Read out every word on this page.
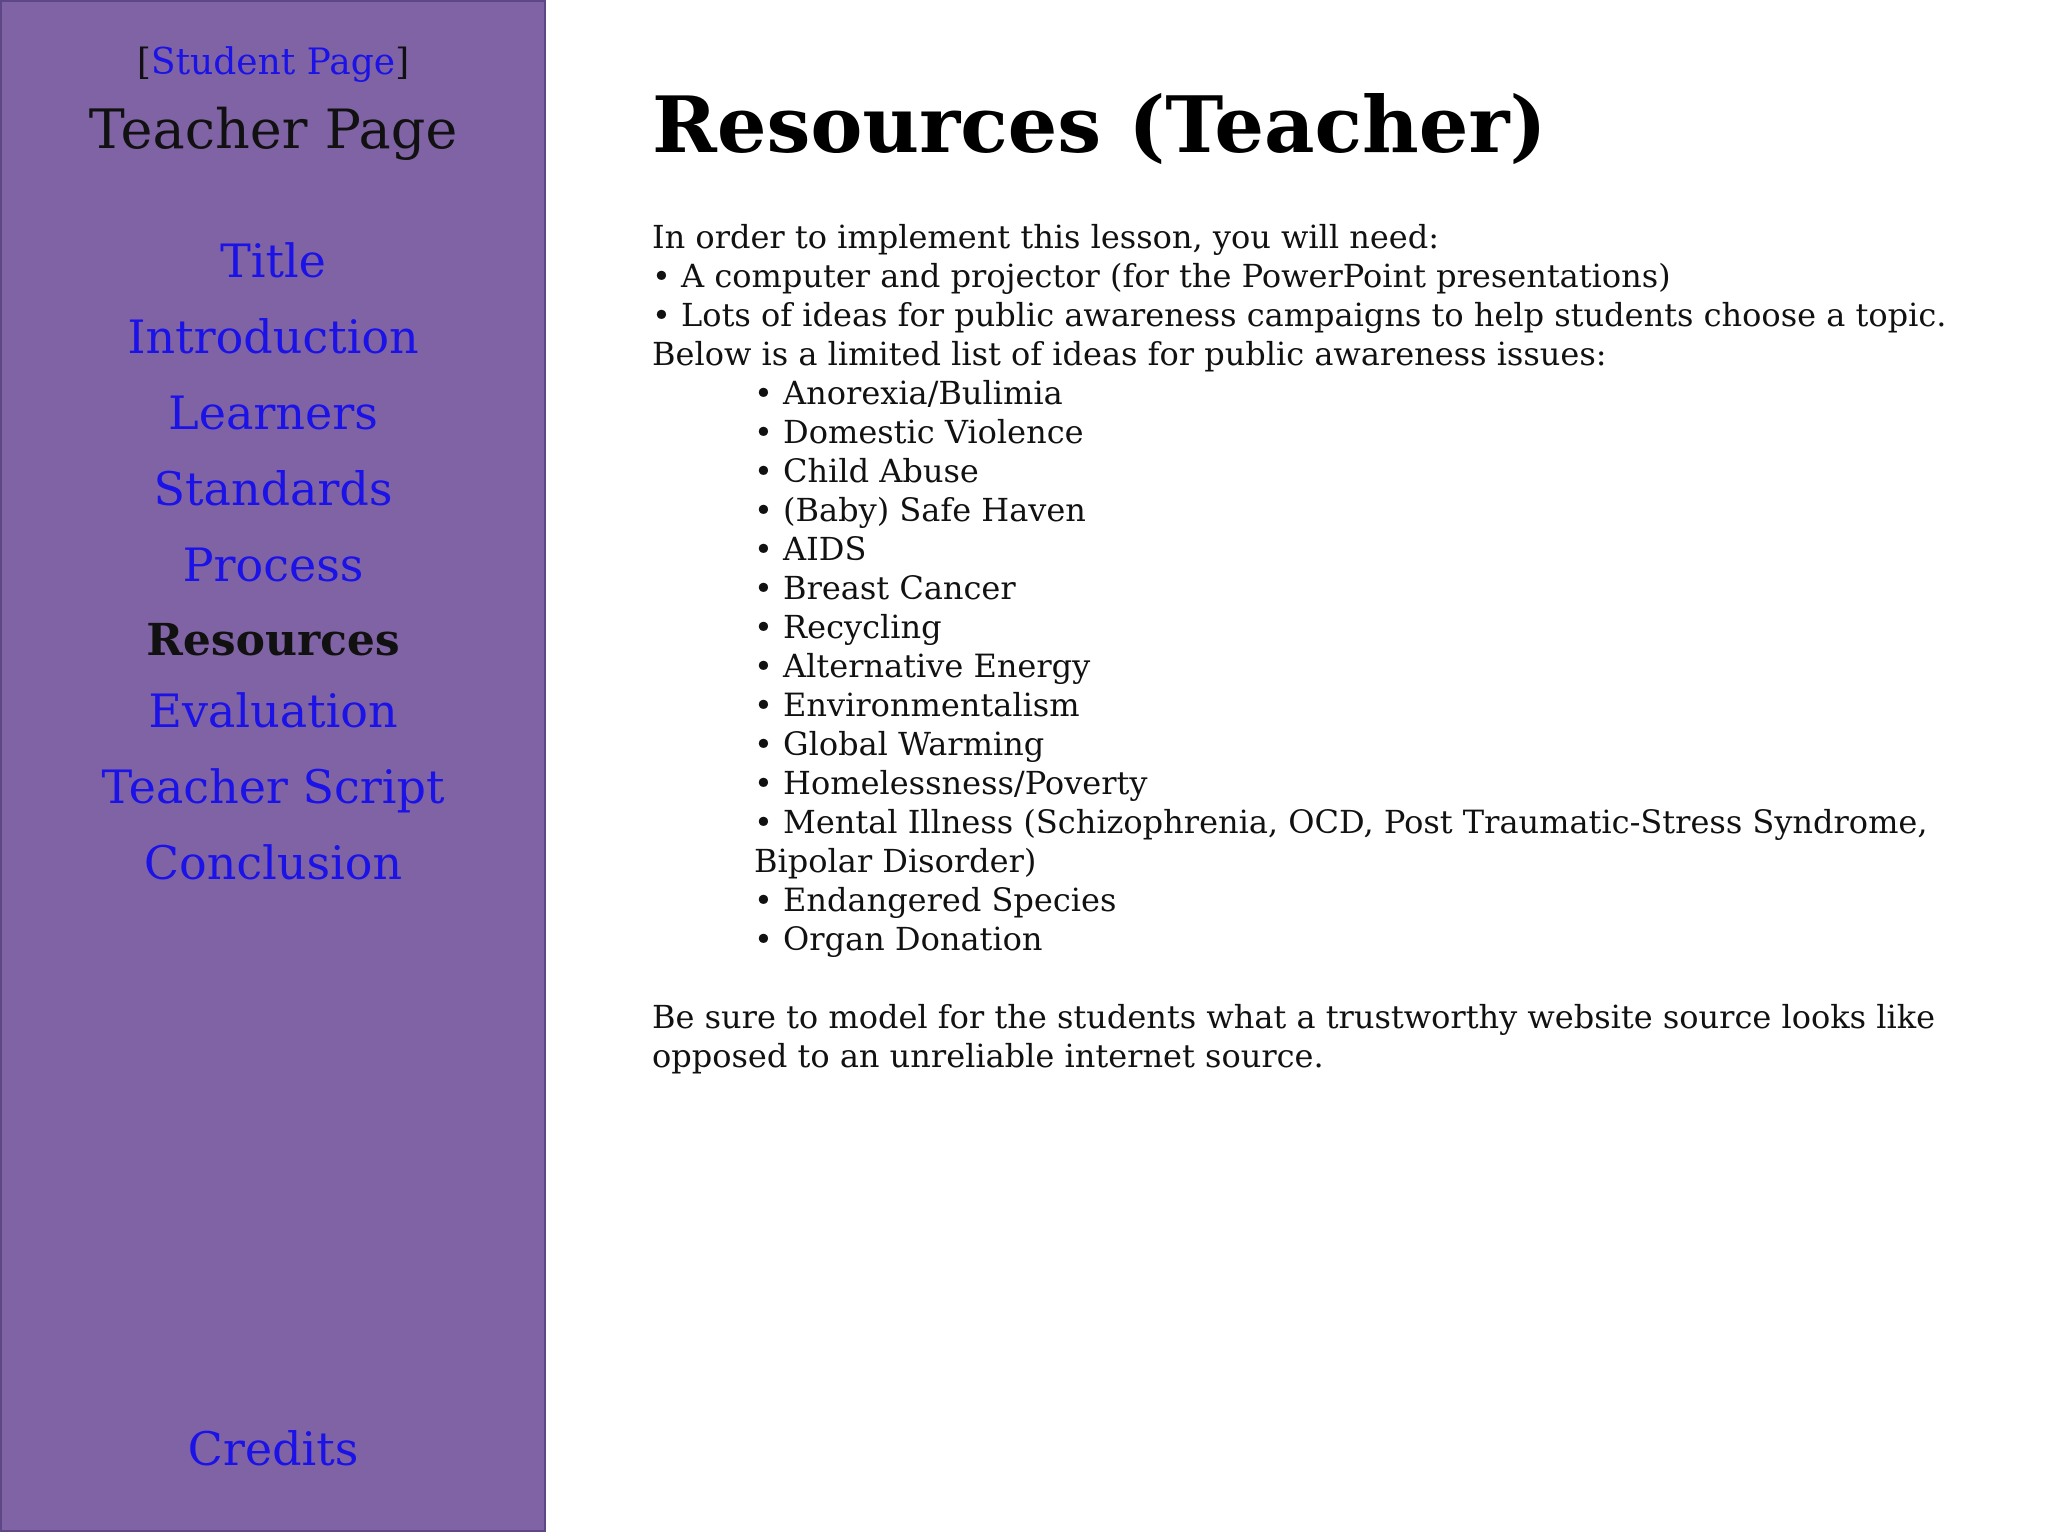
[Student Page]
Teacher Page
Title
Introduction
Learners
Standards
Process
Resources
Evaluation
Teacher Script
Conclusion
Credits
Resources (Teacher)

In order to implement this lesson, you will need:

• A computer and projector (for the PowerPoint presentations)

• Lots of ideas for public awareness campaigns to help students choose a topic.

Below is a limited list of ideas for public awareness issues:

• Anorexia/Bulimia
• Domestic Violence
• Child Abuse
• (Baby) Safe Haven
• AIDS
• Breast Cancer
• Recycling
• Alternative Energy
• Environmentalism
• Global Warming
• Homelessness/Poverty
• Mental Illness (Schizophrenia, OCD, Post Traumatic-Stress Syndrome, Bipolar Disorder)
• Endangered Species
• Organ Donation

Be sure to model for the students what a trustworthy website source looks like opposed to an unreliable internet source.
